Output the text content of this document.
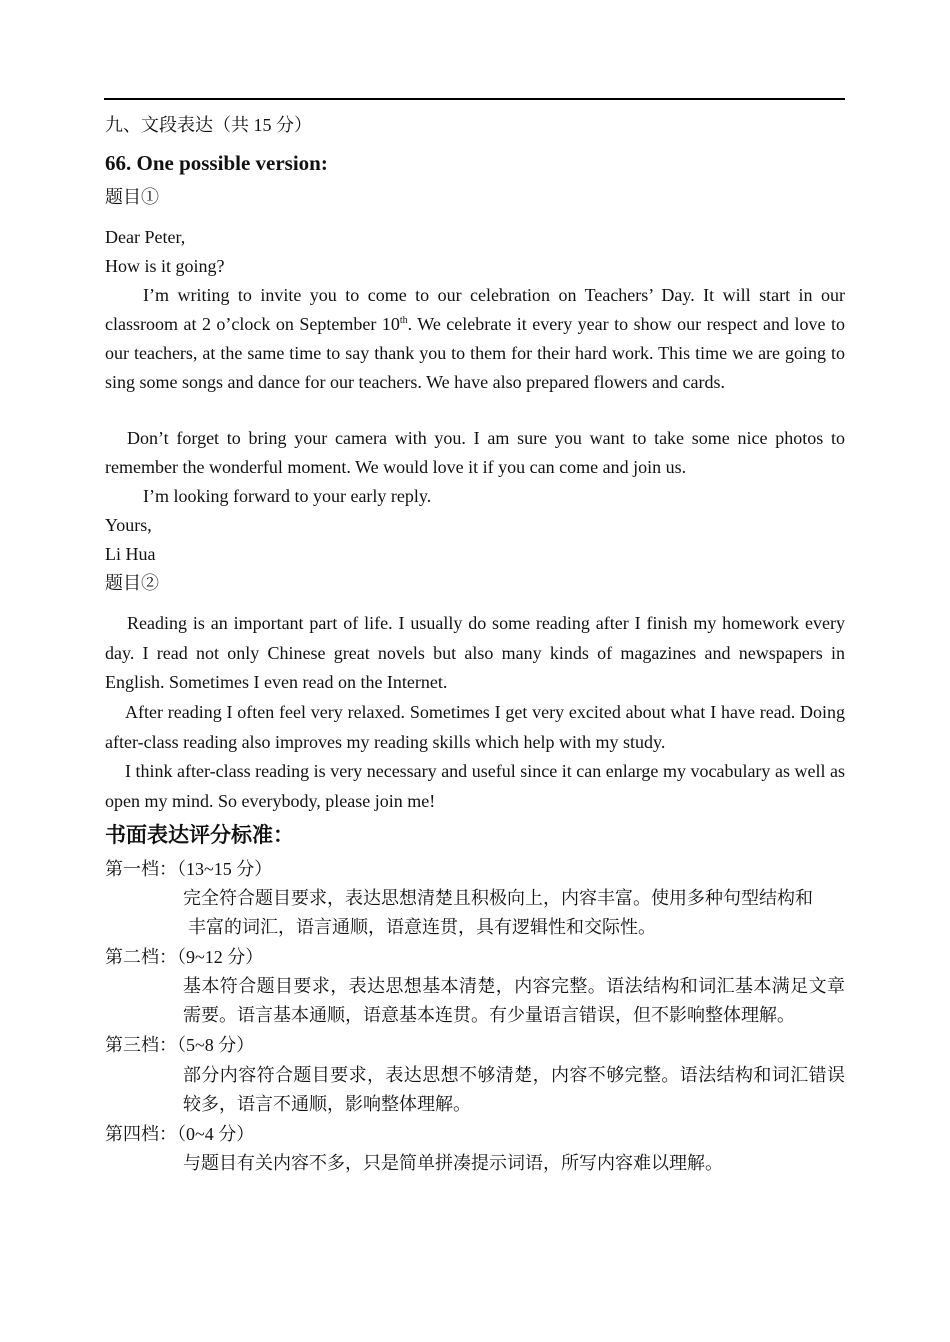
九、文段表达（共 15 分）
66. One possible version:
题目①
Dear Peter,
How is it going?
I’m writing to invite you to come to our celebration on Teachers’ Day. It will start in our classroom at 2 o’clock on September 10th. We celebrate it every year to show our respect and love to our teachers, at the same time to say thank you to them for their hard work. This time we are going to sing some songs and dance for our teachers. We have also prepared flowers and cards.
Don’t forget to bring your camera with you. I am sure you want to take some nice photos to remember the wonderful moment. We would love it if you can come and join us.
I’m looking forward to your early reply.
Yours,
Li Hua
题目②
Reading is an important part of life. I usually do some reading after I finish my homework every day. I read not only Chinese great novels but also many kinds of magazines and newspapers in English. Sometimes I even read on the Internet.
After reading I often feel very relaxed. Sometimes I get very excited about what I have read. Doing after-class reading also improves my reading skills which help with my study.
I think after-class reading is very necessary and useful since it can enlarge my vocabulary as well as open my mind. So everybody, please join me!
书面表达评分标准：
第一档：（13~15 分）
完全符合题目要求，表达思想清楚且积极向上，内容丰富。使用多种句型结构和
丰富的词汇，语言通顺，语意连贯，具有逻辑性和交际性。
第二档：（9~12 分）
基本符合题目要求，表达思想基本清楚，内容完整。语法结构和词汇基本满足文章需要。语言基本通顺，语意基本连贯。有少量语言错误，但不影响整体理解。
第三档：（5~8 分）
部分内容符合题目要求，表达思想不够清楚，内容不够完整。语法结构和词汇错误较多，语言不通顺，影响整体理解。
第四档：（0~4 分）
与题目有关内容不多，只是简单拼凑提示词语，所写内容难以理解。
